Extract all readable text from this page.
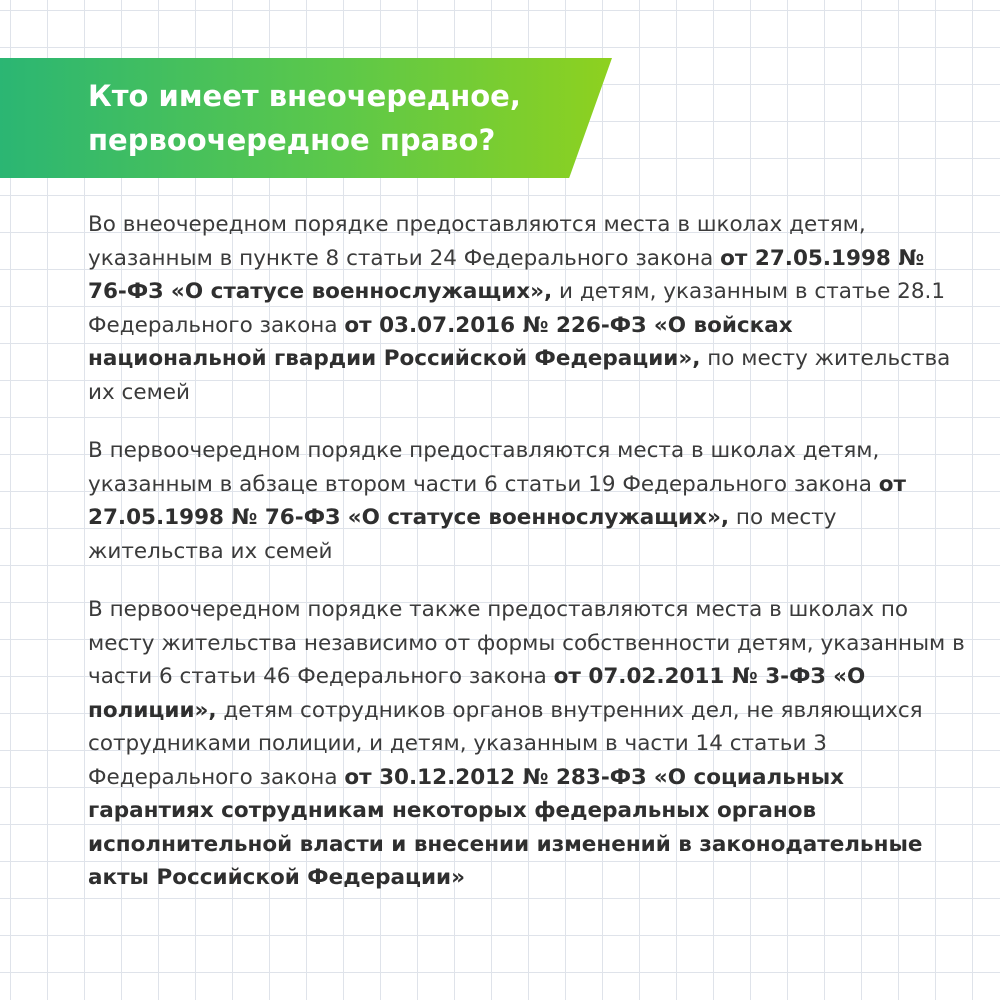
Кто имеет внеочередное,
первоочередное право?

Во внеочередном порядке предоставляются места в школах детям, указанным в пункте 8 статьи 24 Федерального закона от 27.05.1998 № 76-ФЗ «О статусе военнослужащих», и детям, указанным в статье 28.1 Федерального закона от 03.07.2016 № 226-ФЗ «О войсках национальной гвардии Российской Федерации», по месту жительства их семей

В первоочередном порядке предоставляются места в школах детям, указанным в абзаце втором части 6 статьи 19 Федерального закона от 27.05.1998 № 76-ФЗ «О статусе военнослужащих», по месту жительства их семей

В первоочередном порядке также предоставляются места в школах по месту жительства независимо от формы собственности детям, указанным в части 6 статьи 46 Федерального закона от 07.02.2011 № 3-ФЗ «О полиции», детям сотрудников органов внутренних дел, не являющихся сотрудниками полиции, и детям, указанным в части 14 статьи 3 Федерального закона от 30.12.2012 № 283-ФЗ «О социальных гарантиях сотрудникам некоторых федеральных органов исполнительной власти и внесении изменений в законодательные акты Российской Федерации»
